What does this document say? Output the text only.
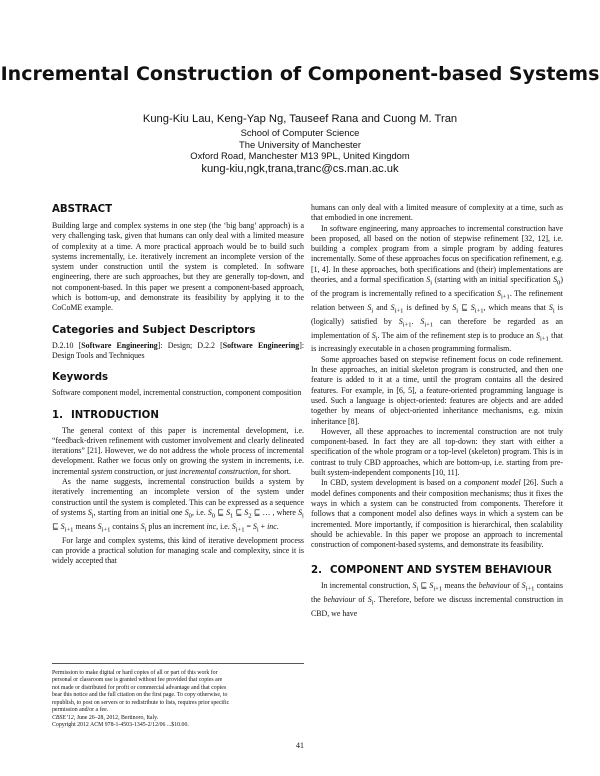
Incremental Construction of Component-based Systems
Kung-Kiu Lau, Keng-Yap Ng, Tauseef Rana and Cuong M. Tran
School of Computer Science
The University of Manchester
Oxford Road, Manchester M13 9PL, United Kingdom
kung-kiu,ngk,trana,tranc@cs.man.ac.uk
ABSTRACT

Building large and complex systems in one step (the ‘big bang’ approach) is a very challenging task, given that humans can only deal with a limited measure of complexity at a time. A more practical approach would be to build such systems incrementally, i.e. iteratively increment an incomplete version of the system under construction until the system is completed. In software engineering, there are such approaches, but they are generally top-down, and not component-based. In this paper we present a component-based approach, which is bottom-up, and demonstrate its feasibility by applying it to the CoCoME example.

Categories and Subject Descriptors

D.2.10 [Software Engineering]: Design; D.2.2 [Software Engineering]: Design Tools and Techniques

Keywords

Software component model, incremental construction, component composition

1. INTRODUCTION

The general context of this paper is incremental development, i.e. “feedback-driven refinement with customer involvement and clearly delineated iterations” [21]. However, we do not address the whole process of incremental development. Rather we focus only on growing the system in increments, i.e. incremental system construction, or just incremental construction, for short.

As the name suggests, incremental construction builds a system by iteratively incrementing an incomplete version of the system under construction until the system is completed. This can be expressed as a sequence of systems $S_i$, starting from an initial one $S_0$, i.e. $S_0$ ⊑ $S_1$ ⊑ $S_2$ ⊑ … , where $S_i$ ⊑ $S_{i+1}$ means $S_{i+1}$ contains $S_i$ plus an increment inc, i.e. $S_{i+1} = S_i$ + inc.

For large and complex systems, this kind of iterative development process can provide a practical solution for managing scale and complexity, since it is widely accepted that

humans can only deal with a limited measure of complexity at a time, such as that embodied in one increment.

In software engineering, many approaches to incremental construction have been proposed, all based on the notion of stepwise refinement [32, 12], i.e. building a complex program from a simple program by adding features incrementally. Some of these approaches focus on specification refinement, e.g. [1, 4]. In these approaches, both specifications and (their) implementations are theories, and a formal specification $S_i$ (starting with an initial specification $S_0$) of the program is incrementally refined to a specification $S_{i+1}$. The refinement relation between $S_i$ and $S_{i+1}$ is defined by $S_i$ ⊑ $S_{i+1}$, which means that $S_i$ is (logically) satisfied by $S_{i+1}$. $S_{i+1}$ can therefore be regarded as an implementation of $S_i$. The aim of the refinement step is to produce an $S_{i+1}$ that is increasingly executable in a chosen programming formalism.

Some approaches based on stepwise refinement focus on code refinement. In these approaches, an initial skeleton program is constructed, and then one feature is added to it at a time, until the program contains all the desired features. For example, in [6, 5], a feature-oriented programming language is used. Such a language is object-oriented: features are objects and are added together by means of object-oriented inheritance mechanisms, e.g. mixin inheritance [8].

However, all these approaches to incremental construction are not truly component-based. In fact they are all top-down: they start with either a specification of the whole program or a top-level (skeleton) program. This is in contrast to truly CBD approaches, which are bottom-up, i.e. starting from pre-built system-independent components [10, 11].

In CBD, system development is based on a component model [26]. Such a model defines components and their composition mechanisms; thus it fixes the ways in which a system can be constructed from components. Therefore it follows that a component model also defines ways in which a system can be incremented. More importantly, if composition is hierarchical, then scalability should be achievable. In this paper we propose an approach to incremental construction of component-based systems, and demonstrate its feasibility.

2. COMPONENT AND SYSTEM BEHAVIOUR

In incremental construction, $S_i$ ⊑ $S_{i+1}$ means the behaviour of $S_{i+1}$ contains the behaviour of $S_i$. Therefore, before we discuss incremental construction in CBD, we have

Permission to make digital or hard copies of all or part of this work for
personal or classroom use is granted without fee provided that copies are
not made or distributed for profit or commercial advantage and that copies
bear this notice and the full citation on the first page. To copy otherwise, to
republish, to post on servers or to redistribute to lists, requires prior specific
permission and/or a fee.
CBSE’12, June 26–28, 2012, Bertinoro, Italy.
Copyright 2012 ACM 978-1-4503-1345-2/12/06 ...$10.00.
41
